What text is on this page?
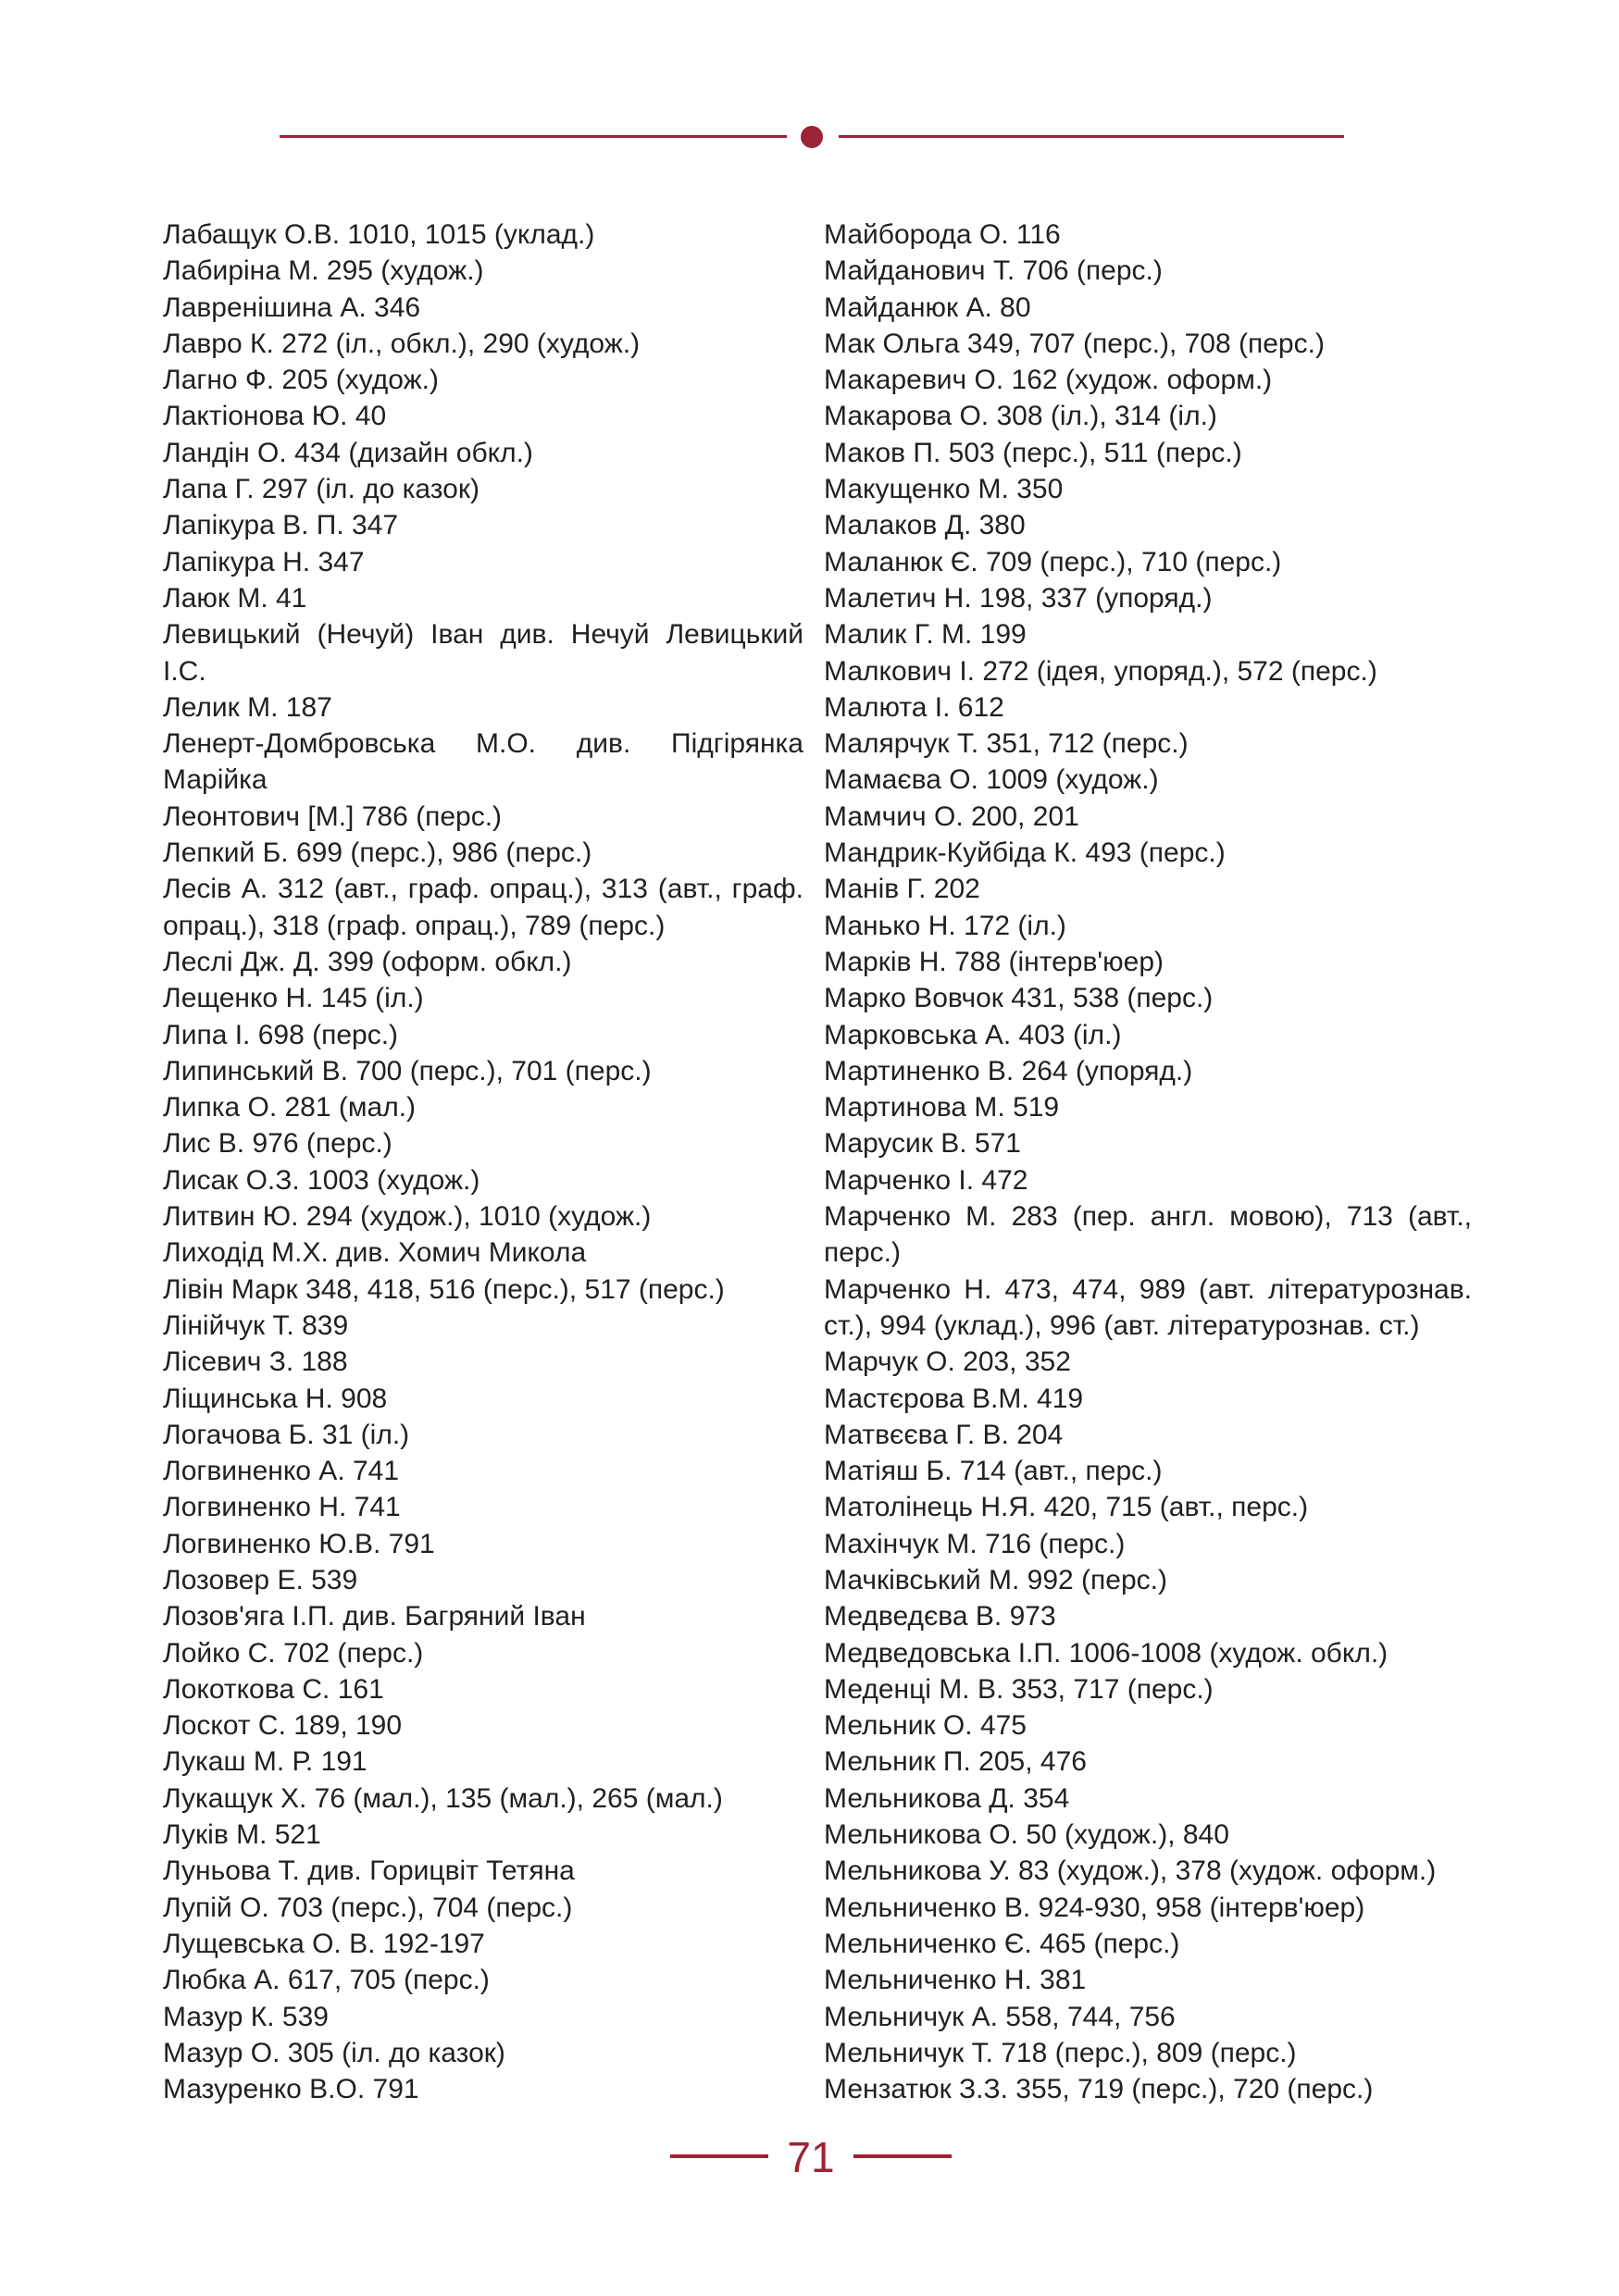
Лабащук О.В. 1010, 1015 (уклад.)
Лабиріна М. 295 (худож.)
Лавренішина А. 346
Лавро К. 272 (іл., обкл.), 290 (худож.)
Лагно Ф. 205 (худож.)
Лактіонова Ю. 40
Ландін О. 434 (дизайн обкл.)
Лапа Г. 297 (іл. до казок)
Лапікура В. П. 347
Лапікура Н. 347
Лаюк М. 41
Левицький (Нечуй) Іван див. Нечуй Левицький І.С.
Лелик М. 187
Ленерт-Домбровська М.О. див. Підгірянка Марійка
Леонтович [М.] 786 (перс.)
Лепкий Б. 699 (перс.), 986 (перс.)
Лесів А. 312 (авт., граф. опрац.), 313 (авт., граф. опрац.), 318 (граф. опрац.), 789 (перс.)
Леслі Дж. Д. 399 (оформ. обкл.)
Лещенко Н. 145 (іл.)
Липа І. 698 (перс.)
Липинський В. 700 (перс.), 701 (перс.)
Липка О. 281 (мал.)
Лис В. 976 (перс.)
Лисак О.З. 1003 (худож.)
Литвин Ю. 294 (худож.), 1010 (худож.)
Лиходід М.Х. див. Хомич Микола
Лівін Марк 348, 418, 516 (перс.), 517 (перс.)
Лінійчук Т. 839
Лісевич З. 188
Ліщинська Н. 908
Логачова Б. 31 (іл.)
Логвиненко А. 741
Логвиненко Н. 741
Логвиненко Ю.В. 791
Лозовер Е. 539
Лозов'яга І.П. див. Багряний Іван
Лойко С. 702 (перс.)
Локоткова С. 161
Лоскот С. 189, 190
Лукаш М. Р. 191
Лукащук Х. 76 (мал.), 135 (мал.), 265 (мал.)
Луків М. 521
Луньова Т. див. Горицвіт Тетяна
Лупій О. 703 (перс.), 704 (перс.)
Лущевська О. В. 192-197
Любка А. 617, 705 (перс.)
Мазур К. 539
Мазур О. 305 (іл. до казок)
Мазуренко В.О. 791
Майборода О. 116
Майданович Т. 706 (перс.)
Майданюк А. 80
Мак Ольга 349, 707 (перс.), 708 (перс.)
Макаревич О. 162 (худож. оформ.)
Макарова О. 308 (іл.), 314 (іл.)
Маков П. 503 (перс.), 511 (перс.)
Макущенко М. 350
Малаков Д. 380
Маланюк Є. 709 (перс.), 710 (перс.)
Малетич Н. 198, 337 (упоряд.)
Малик Г. М. 199
Малкович І. 272 (ідея, упоряд.), 572 (перс.)
Малюта І. 612
Малярчук Т. 351, 712 (перс.)
Мамаєва О. 1009 (худож.)
Мамчич О. 200, 201
Мандрик-Куйбіда К. 493 (перс.)
Манів Г. 202
Манько Н. 172 (іл.)
Марків Н. 788 (інтерв'юер)
Марко Вовчок 431, 538 (перс.)
Марковська А. 403 (іл.)
Мартиненко В. 264 (упоряд.)
Мартинова М. 519
Марусик В. 571
Марченко І. 472
Марченко М. 283 (пер. англ. мовою), 713 (авт., перс.)
Марченко Н. 473, 474, 989 (авт. літературознав. ст.), 994 (уклад.), 996 (авт. літературознав. ст.)
Марчук О. 203, 352
Мастєрова В.М. 419
Матвєєва Г. В. 204
Матіяш Б. 714 (авт., перс.)
Матолінець Н.Я. 420, 715 (авт., перс.)
Махінчук М. 716 (перс.)
Мачківський М. 992 (перс.)
Медведєва В. 973
Медведовська І.П. 1006-1008 (худож. обкл.)
Меденці М. В. 353, 717 (перс.)
Мельник О. 475
Мельник П. 205, 476
Мельникова Д. 354
Мельникова О. 50 (худож.), 840
Мельникова У. 83 (худож.), 378 (худож. оформ.)
Мельниченко В. 924-930, 958 (інтерв'юер)
Мельниченко Є. 465 (перс.)
Мельниченко Н. 381
Мельничук А. 558, 744, 756
Мельничук Т. 718 (перс.), 809 (перс.)
Мензатюк З.З. 355, 719 (перс.), 720 (перс.)
71
